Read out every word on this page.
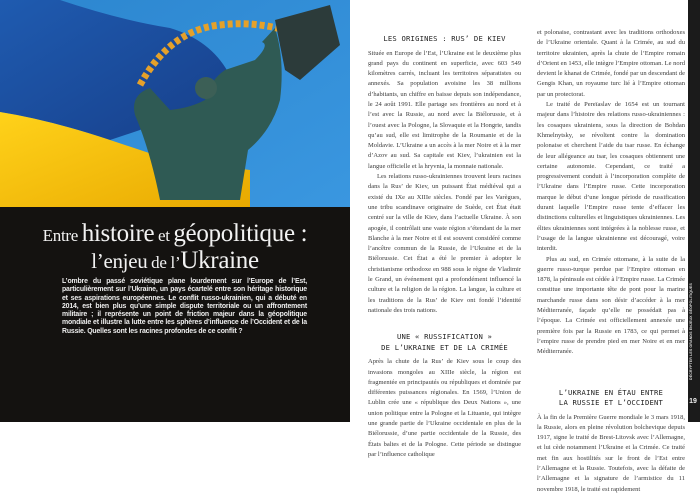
Entre histoire et géopolitique :
l’enjeu de l’Ukraine
L’ombre du passé soviétique plane lourdement sur l’Europe de l’Est, particulièrement sur l’Ukraine, un pays écartelé entre son héritage historique et ses aspirations européennes. Le conflit russo-ukrainien, qui a débuté en 2014, est bien plus qu’une simple dispute territoriale ou un affrontement militaire ; il représente un point de friction majeur dans la géopolitique mondiale et illustre la lutte entre les sphères d’influence de l’Occident et de la Russie. Quelles sont les racines profondes de ce conflit ?
LES ORIGINES : RUS’ DE KIEV

Située en Europe de l’Est, l’Ukraine est le deuxième plus grand pays du continent en superficie, avec 603 549 kilomètres carrés, incluant les territoires séparatistes ou annexés. Sa population avoisine les 38 millions d’habitants, un chiffre en baisse depuis son indépendance, le 24 août 1991. Elle partage ses frontières au nord et à l’est avec la Russie, au nord avec la Biélorussie, et à l’ouest avec la Pologne, la Slovaquie et la Hongrie, tandis qu’au sud, elle est limitrophe de la Roumanie et de la Moldavie. L’Ukraine a un accès à la mer Noire et à la mer d’Azov au sud. Sa capitale est Kiev, l’ukrainien est la langue officielle et la hryvnia, la monnaie nationale.

Les relations russo-ukrainiennes trouvent leurs racines dans la Rus’ de Kiev, un puissant État médiéval qui a existé du IXe au XIIIe siècles. Fondé par les Varègues, une tribu scandinave originaire de Suède, cet État était centré sur la ville de Kiev, dans l’actuelle Ukraine. À son apogée, il contrôlait une vaste région s’étendant de la mer Blanche à la mer Noire et il est souvent considéré comme l’ancêtre commun de la Russie, de l’Ukraine et de la Biélorussie. Cet État a été le premier à adopter le christianisme orthodoxe en 988 sous le règne de Vladimir le Grand, un événement qui a profondément influencé la culture et la religion de la région. La langue, la culture et les traditions de la Rus’ de Kiev ont fondé l’identité nationale des trois nations.

UNE « RUSSIFICATION »
DE L’UKRAINE ET DE LA CRIMÉE

Après la chute de la Rus’ de Kiev sous le coup des invasions mongoles au XIIIe siècle, la région est fragmentée en principautés ou républiques et dominée par différentes puissances régionales. En 1569, l’Union de Lublin crée une « république des Deux Nations », une union politique entre la Pologne et la Lituanie, qui intègre une grande partie de l’Ukraine occidentale en plus de la Biélorussie, d’une partie occidentale de la Russie, des États baltes et de la Pologne. Cette période se distingue par l’influence catholique

et polonaise, contrastant avec les traditions orthodoxes de l’Ukraine orientale. Quant à la Crimée, au sud du territoire ukrainien, après la chute de l’Empire romain d’Orient en 1453, elle intègre l’Empire ottoman. Le nord devient le khanat de Crimée, fondé par un descendant de Gengis Khan, un royaume turc lié à l’Empire ottoman par un protectorat.

Le traité de Pereïaslav de 1654 est un tournant majeur dans l’histoire des relations russo-ukrainiennes : les cosaques ukrainiens, sous la direction de Bohdan Khmelnytsky, se révoltent contre la domination polonaise et cherchent l’aide du tsar russe. En échange de leur allégeance au tsar, les cosaques obtiennent une certaine autonomie. Cependant, ce traité a progressivement conduit à l’incorporation complète de l’Ukraine dans l’Empire russe. Cette incorporation marque le début d’une longue période de russification durant laquelle l’Empire russe tente d’effacer les distinctions culturelles et linguistiques ukrainiennes. Les élites ukrainiennes sont intégrées à la noblesse russe, et l’usage de la langue ukrainienne est découragé, voire interdit.

Plus au sud, en Crimée ottomane, à la suite de la guerre russo-turque perdue par l’Empire ottoman en 1878, la péninsule est cédée à l’Empire russe. La Crimée constitue une importante tête de pont pour la marine marchande russe dans son désir d’accéder à la mer Méditerranée, façade qu’elle ne possédait pas à l’époque. La Crimée est officiellement annexée une première fois par la Russie en 1783, ce qui permet à l’empire russe de prendre pied en mer Noire et en mer Méditerranée.

L’UKRAINE EN ÉTAU ENTRE
LA RUSSIE ET L’OCCIDENT

À la fin de la Première Guerre mondiale le 3 mars 1918, la Russie, alors en pleine révolution bolchevique depuis 1917, signe le traité de Brest-Litovsk avec l’Allemagne, et lui cède notamment l’Ukraine et la Crimée. Ce traité met fin aux hostilités sur le front de l’Est entre l’Allemagne et la Russie. Toutefois, avec la défaite de l’Allemagne et la signature de l’armistice du 11 novembre 1918, le traité est rapidement

DÉCRYPTER LES GRANDS ENJEUX GÉOPOLITIQUES
19
